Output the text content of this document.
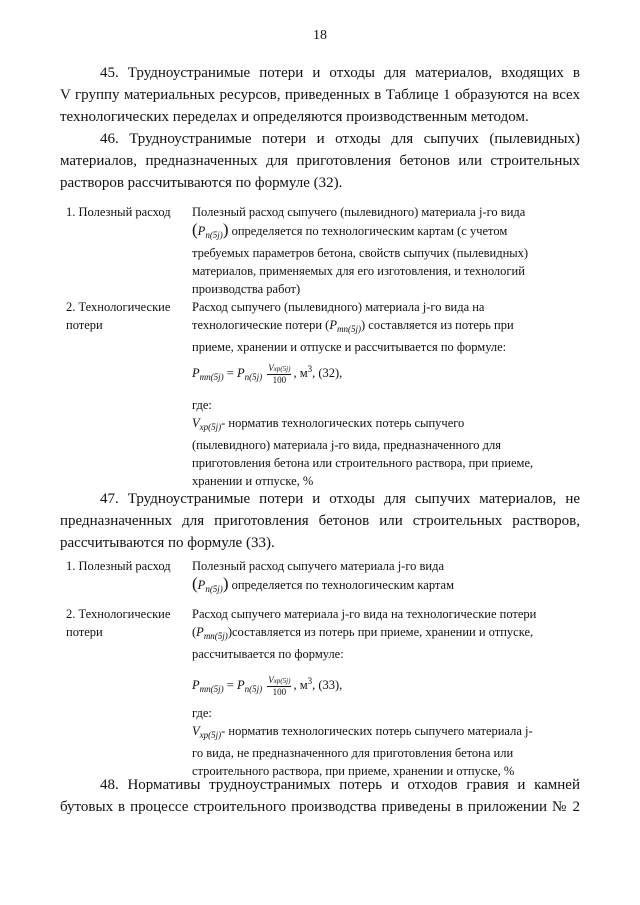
18
45. Трудноустранимые потери и отходы для материалов, входящих в
V группу материальных ресурсов, приведенных в Таблице 1 образуются на всех
технологических переделах и определяются производственным методом.
46. Трудноустранимые потери и отходы для сыпучих (пылевидных)
материалов, предназначенных для приготовления бетонов или строительных
растворов рассчитываются по формуле (32).
1. Полезный расход Полезный расход сыпучего (пылевидного) материала j-го вида
$(P_{п(5j)})$ определяется по технологическим картам (с учетом
требуемых параметров бетона, свойств сыпучих (пылевидных)
материалов, применяемых для его изготовления, и технологий
производства работ)
2. Технологические
потери
Расход сыпучего (пылевидного) материала j-го вида на
технологические потери $(P_{тп(5j)})$ составляется из потерь при
приеме, хранении и отпуске и рассчитывается по формуле:
$P_{тп(5j)} = P_{п(5j)} \frac{\text{Vxp(5j)}}{100}$ , $м^3$, (32),
где:
$V_{xp(5j)}-$ норматив технологических потерь сыпучего
(пылевидного) материала j-го вида, предназначенного для
приготовления бетона или строительного раствора, при приеме,
хранении и отпуске, %
47. Трудноустранимые потери и отходы для сыпучих материалов, не
предназначенных для приготовления бетонов или строительных растворов,
рассчитываются по формуле (33).
1. Полезный расход Полезный расход сыпучего материала j-го вида
$(P_{п(5j)})$ определяется по технологическим картам
2. Технологические
потери
Расход сыпучего материала j-го вида на технологические потери
$(P_{тп(5j)})составляется$ из потерь при приеме, хранении и отпуске,
рассчитывается по формуле:
$P_{тп(5j)} = P_{п(5j)} \frac{\text{Vxp(5j)}}{100}$ , $м^3$, (33),
где:
$V_{xp(5j)}-$ норматив технологических потерь сыпучего материала j-
го вида, не предназначенного для приготовления бетона или
строительного раствора, при приеме, хранении и отпуске, %
48. Нормативы трудноустранимых потерь и отходов гравия и камней
бутовых в процессе строительного производства приведены в приложении № 2
